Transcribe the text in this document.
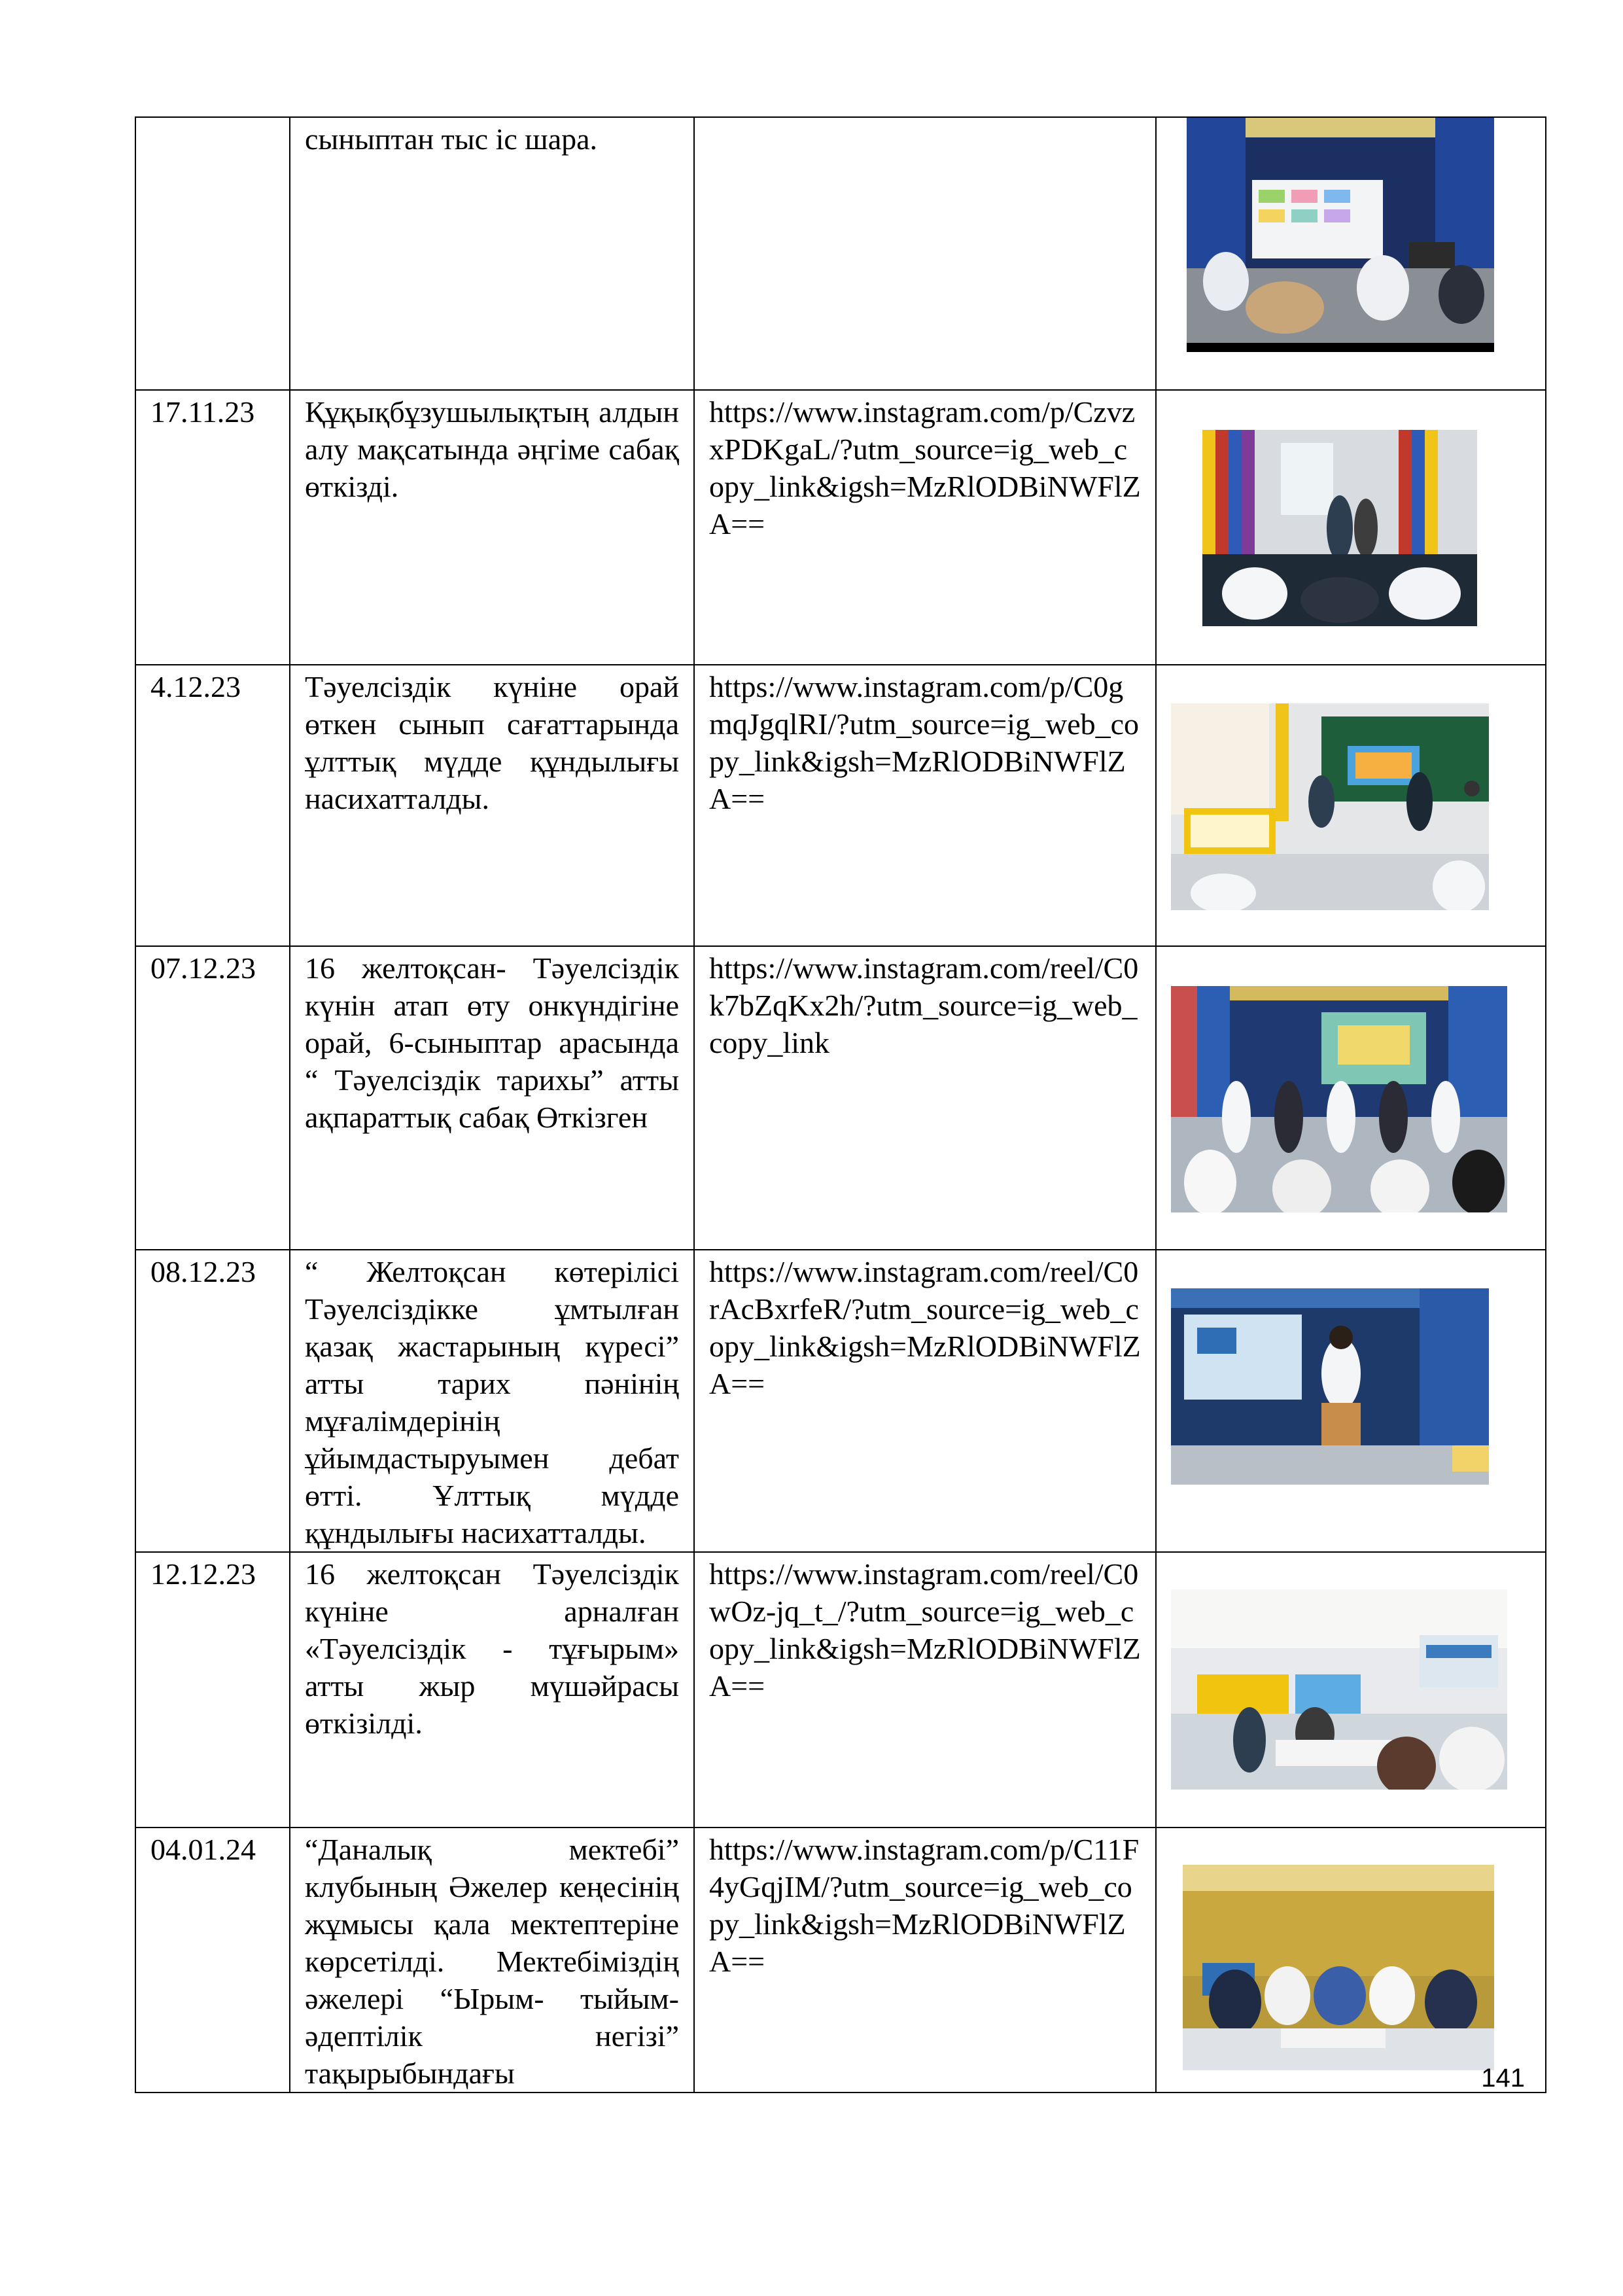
	сыныптан тыс іс шара.		

17.11.23	Құқықбұзушылықтың алдын алу мақсатында әңгіме сабақ өткізді.	https://www.instagram.com/p/CzvzxPDKgaL/?utm_source=ig_web_copy_link&igsh=MzRlODBiNWFlZA==	

4.12.23	Тәуелсіздік күніне орай өткен сынып сағаттарында ұлттық мүдде құндылығы насихатталды.	https://www.instagram.com/p/C0gmqJgqlRI/?utm_source=ig_web_copy_link&igsh=MzRlODBiNWFlZA==	

07.12.23	16 желтоқсан- Тәуелсіздік күнін атап өту онкүндігіне орай, 6-сыныптар арасында “ Тәуелсіздік тарихы” атты ақпараттық сабақ Өткізген	https://www.instagram.com/reel/C0k7bZqKx2h/?utm_source=ig_web_copy_link	

08.12.23	“ Желтоқсан көтерілісі Тәуелсіздікке ұмтылған қазақ жастарының күресі” атты тарих пәнінің мұғалімдерінің ұйымдастыруымен дебат өтті. Ұлттық мүдде құндылығы насихатталды.	https://www.instagram.com/reel/C0rAcBxrfeR/?utm_source=ig_web_copy_link&igsh=MzRlODBiNWFlZA==	

12.12.23	16 желтоқсан Тәуелсіздік күніне арналған «Тәуелсіздік - тұғырым» атты жыр мүшәйрасы өткізілді.	https://www.instagram.com/reel/C0wOz-jq_t_/?utm_source=ig_web_copy_link&igsh=MzRlODBiNWFlZA==	

04.01.24	“Даналық мектебі” клубының Әжелер кеңесінің жұмысы қала мектептеріне көрсетілді. Мектебіміздің әжелері “Ырым- тыйым- әдептілік негізі” тақырыбындағы	https://www.instagram.com/p/C11F4yGqjIM/?utm_source=ig_web_copy_link&igsh=MzRlODBiNWFlZA==	
141
